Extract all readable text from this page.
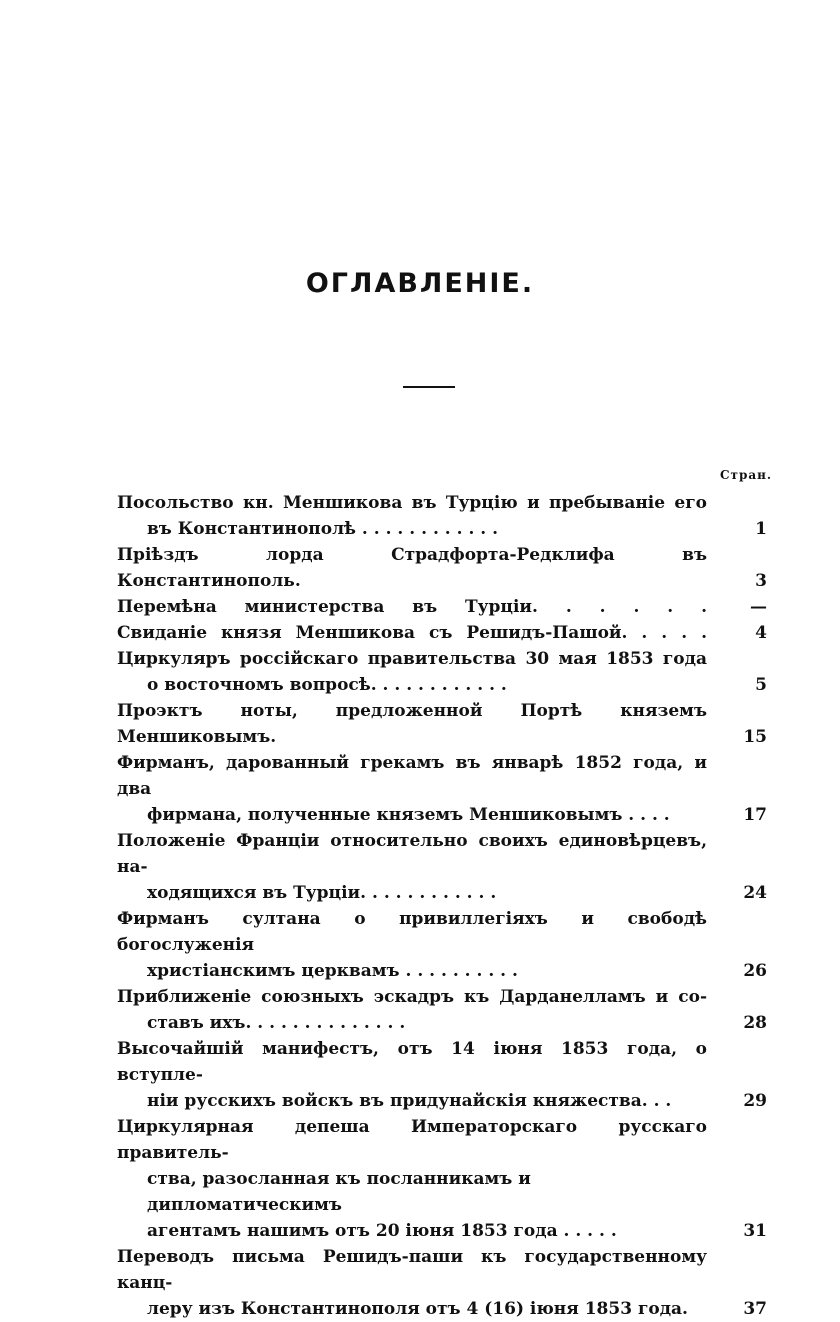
ОГЛАВЛЕНІЕ.
Стран.
Посольство кн. Меншикова въ Турцію и пребываніе его
въ Константинополѣ . . . . . . . . . . . .	1
Пріѣздъ лорда Страдфорта-Редклифа въ Константинополь.	3
Перемѣна министерства въ Турціи. . . . . .	—
Свиданіе князя Меншикова съ Решидъ-Пашой. . . . .	4
Циркуляръ россійскаго правительства 30 мая 1853 года
о восточномъ вопросѣ. . . . . . . . . . . .	5
Проэктъ ноты, предложенной Портѣ княземъ Меншиковымъ.	15
Фирманъ, дарованный грекамъ въ январѣ 1852 года, и два
фирмана, полученные княземъ Меншиковымъ . . . .	17
Положеніе Франціи относительно своихъ единовѣрцевъ, на-
ходящихся въ Турціи. . . . . . . . . . . .	24
Фирманъ султана о привиллегіяхъ и свободѣ богослуженія
христіанскимъ церквамъ . . . . . . . . . .	26
Приближеніе союзныхъ эскадръ къ Дарданелламъ и со-
ставъ ихъ. . . . . . . . . . . . . .	28
Высочайшій манифестъ, отъ 14 іюня 1853 года, о вступле-
ніи русскихъ войскъ въ придунайскія княжества. . .	29
Циркулярная депеша Императорскаго русскаго правитель-
ства, разосланная къ посланникамъ и дипломатическимъ
агентамъ нашимъ отъ 20 іюня 1853 года . . . . .	31
Переводъ письма Решидъ-паши къ государственному канц-
леру изъ Константинополя отъ 4 (16) іюня 1853 года.	37
